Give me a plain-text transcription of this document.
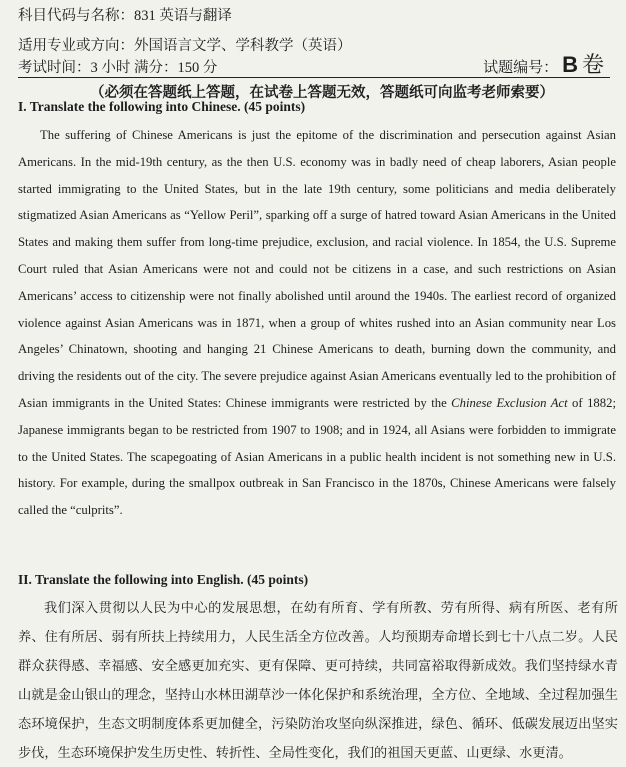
科目代码与名称：831 英语与翻译
适用专业或方向：外国语言文学、学科教学（英语）
考试时间：3 小时 满分：150 分	试题编号： B 卷
（必须在答题纸上答题，在试卷上答题无效，答题纸可向监考老师索要）
I. Translate the following into Chinese. (45 points)

The suffering of Chinese Americans is just the epitome of the discrimination and persecution against Asian Americans. In the mid-19th century, as the then U.S. economy was in badly need of cheap laborers, Asian people started immigrating to the United States, but in the late 19th century, some politicians and media deliberately stigmatized Asian Americans as “Yellow Peril”, sparking off a surge of hatred toward Asian Americans in the United States and making them suffer from long-time prejudice, exclusion, and racial violence. In 1854, the U.S. Supreme Court ruled that Asian Americans were not and could not be citizens in a case, and such restrictions on Asian Americans’ access to citizenship were not finally abolished until around the 1940s. The earliest record of organized violence against Asian Americans was in 1871, when a group of whites rushed into an Asian community near Los Angeles’ Chinatown, shooting and hanging 21 Chinese Americans to death, burning down the community, and driving the residents out of the city. The severe prejudice against Asian Americans eventually led to the prohibition of Asian immigrants in the United States: Chinese immigrants were restricted by the Chinese Exclusion Act of 1882; Japanese immigrants began to be restricted from 1907 to 1908; and in 1924, all Asians were forbidden to immigrate to the United States. The scapegoating of Asian Americans in a public health incident is not something new in U.S. history. For example, during the smallpox outbreak in San Francisco in the 1870s, Chinese Americans were falsely called the “culprits”.

II. Translate the following into English. (45 points)

我们深入贯彻以人民为中心的发展思想，在幼有所育、学有所教、劳有所得、病有所医、老有所养、住有所居、弱有所扶上持续用力，人民生活全方位改善。人均预期寿命增长到七十八点二岁。人民群众获得感、幸福感、安全感更加充实、更有保障、更可持续，共同富裕取得新成效。我们坚持绿水青山就是金山银山的理念，坚持山水林田湖草沙一体化保护和系统治理，全方位、全地域、全过程加强生态环境保护，生态文明制度体系更加健全，污染防治攻坚向纵深推进，绿色、循环、低碳发展迈出坚实步伐，生态环境保护发生历史性、转折性、全局性变化，我们的祖国天更蓝、山更绿、水更清。
